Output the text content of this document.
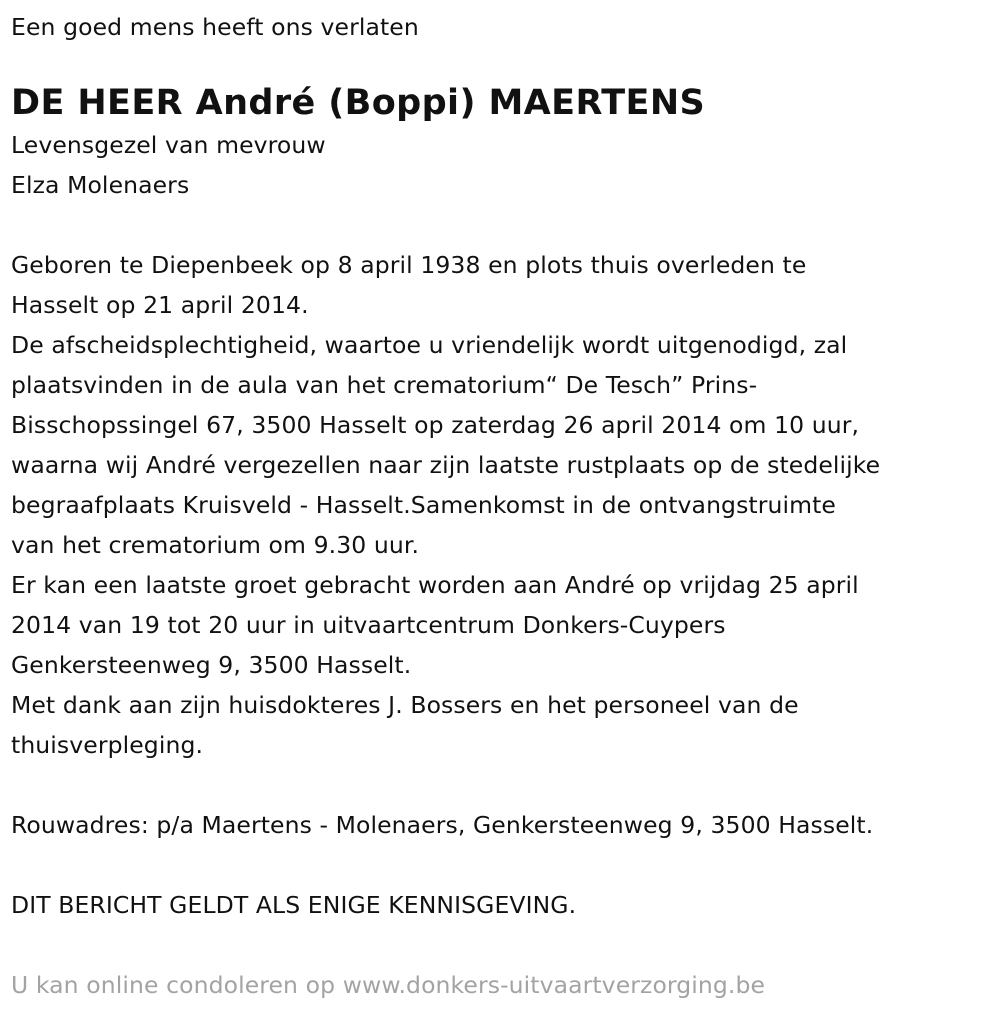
Een goed mens heeft ons verlaten
DE HEER André (Boppi) MAERTENS
Levensgezel van mevrouw
Elza Molenaers
Geboren te Diepenbeek op 8 april 1938 en plots thuis overleden te
Hasselt op 21 april 2014.
De afscheidsplechtigheid, waartoe u vriendelijk wordt uitgenodigd, zal
plaatsvinden in de aula van het crematorium“ De Tesch” Prins-
Bisschopssingel 67, 3500 Hasselt op zaterdag 26 april 2014 om 10 uur,
waarna wij André vergezellen naar zijn laatste rustplaats op de stedelijke
begraafplaats Kruisveld - Hasselt.Samenkomst in de ontvangstruimte
van het crematorium om 9.30 uur.
Er kan een laatste groet gebracht worden aan André op vrijdag 25 april
2014 van 19 tot 20 uur in uitvaartcentrum Donkers-Cuypers
Genkersteenweg 9, 3500 Hasselt.
Met dank aan zijn huisdokteres J. Bossers en het personeel van de
thuisverpleging.
Rouwadres: p/a Maertens - Molenaers, Genkersteenweg 9, 3500 Hasselt.
DIT BERICHT GELDT ALS ENIGE KENNISGEVING.
U kan online condoleren op www.donkers-uitvaartverzorging.be
